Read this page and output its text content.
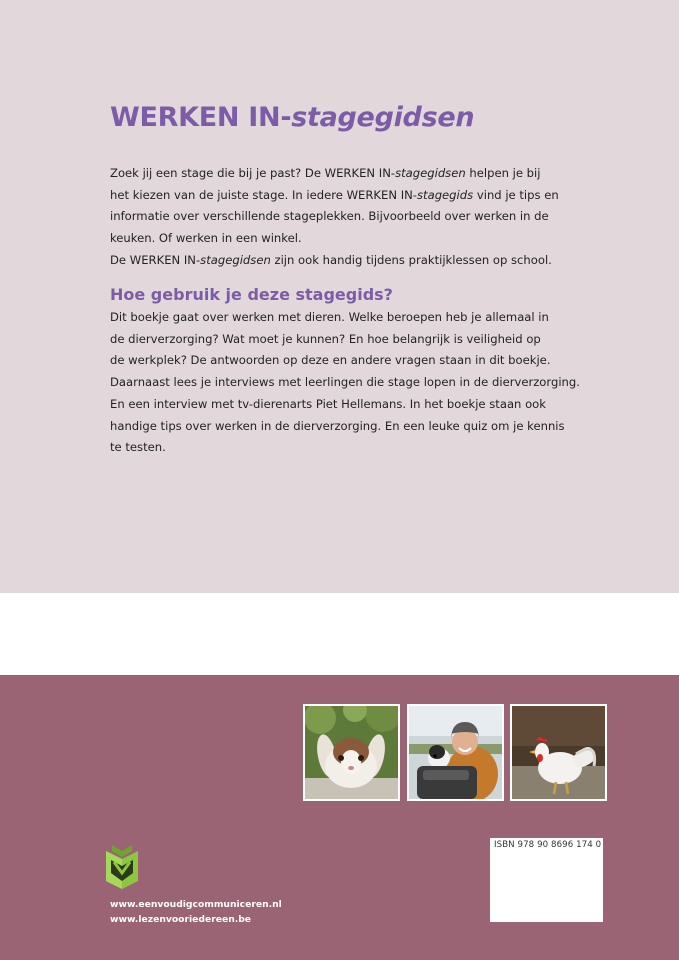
WERKEN IN-stagegidsen
Zoek jij een stage die bij je past? De WERKEN IN-stagegidsen helpen je bij
het kiezen van de juiste stage. In iedere WERKEN IN-stagegids vind je tips en
informatie over verschillende stageplekken. Bijvoorbeeld over werken in de
keuken. Of werken in een winkel.
De WERKEN IN-stagegidsen zijn ook handig tijdens praktijklessen op school.
Hoe gebruik je deze stagegids?
Dit boekje gaat over werken met dieren. Welke beroepen heb je allemaal in
de dierverzorging? Wat moet je kunnen? En hoe belangrijk is veiligheid op
de werkplek? De antwoorden op deze en andere vragen staan in dit boekje.
Daarnaast lees je interviews met leerlingen die stage lopen in de dierverzorging.
En een interview met tv-dierenarts Piet Hellemans. In het boekje staan ook
handige tips over werken in de dierverzorging. En een leuke quiz om je kennis
te testen.
ISBN 978 90 8696 174 0
www.eenvoudigcommuniceren.nl
www.lezenvooriedereen.be
